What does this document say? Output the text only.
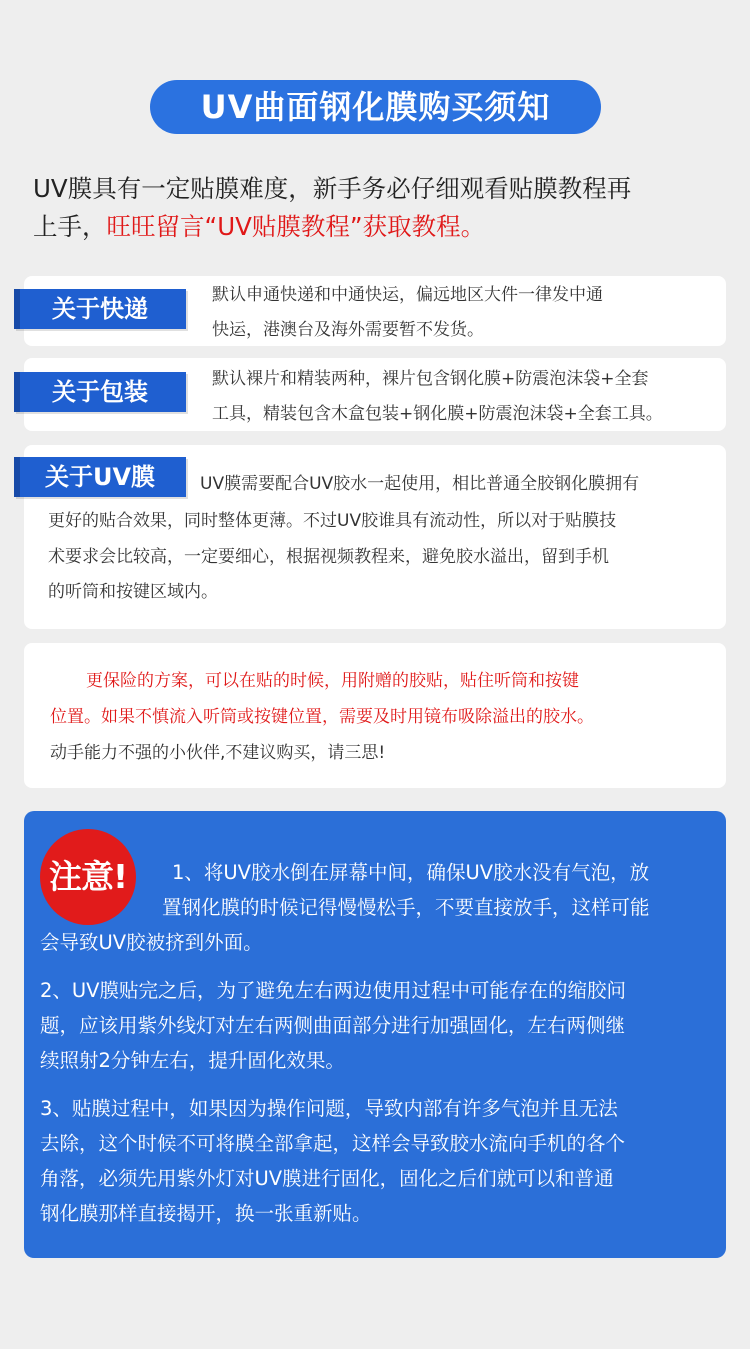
UV曲面钢化膜购买须知
UV膜具有一定贴膜难度，新手务必仔细观看贴膜教程再
上手，旺旺留言“UV贴膜教程”获取教程。
关于快递	默认申通快递和中通快运，偏远地区大件一律发中通
快运，港澳台及海外需要暂不发货。
关于包装	默认裸片和精装两种，裸片包含钢化膜+防震泡沫袋+全套
工具，精装包含木盒包装+钢化膜+防震泡沫袋+全套工具。
关于UV膜	UV膜需要配合UV胶水一起使用，相比普通全胶钢化膜拥有
更好的贴合效果，同时整体更薄。不过UV胶谁具有流动性，所以对于贴膜技
术要求会比较高，一定要细心，根据视频教程来，避免胶水溢出，留到手机
的听筒和按键区域内。
更保险的方案，可以在贴的时候，用附赠的胶贴，贴住听筒和按键
位置。如果不慎流入听筒或按键位置，需要及时用镜布吸除溢出的胶水。
动手能力不强的小伙伴,不建议购买，请三思!
注意!	1、将UV胶水倒在屏幕中间，确保UV胶水没有气泡，放
置钢化膜的时候记得慢慢松手，不要直接放手，这样可能
会导致UV胶被挤到外面。
2、UV膜贴完之后，为了避免左右两边使用过程中可能存在的缩胶问
题，应该用紫外线灯对左右两侧曲面部分进行加强固化，左右两侧继
续照射2分钟左右，提升固化效果。
3、贴膜过程中，如果因为操作问题，导致内部有许多气泡并且无法
去除，这个时候不可将膜全部拿起，这样会导致胶水流向手机的各个
角落，必须先用紫外灯对UV膜进行固化，固化之后们就可以和普通
钢化膜那样直接揭开，换一张重新贴。
